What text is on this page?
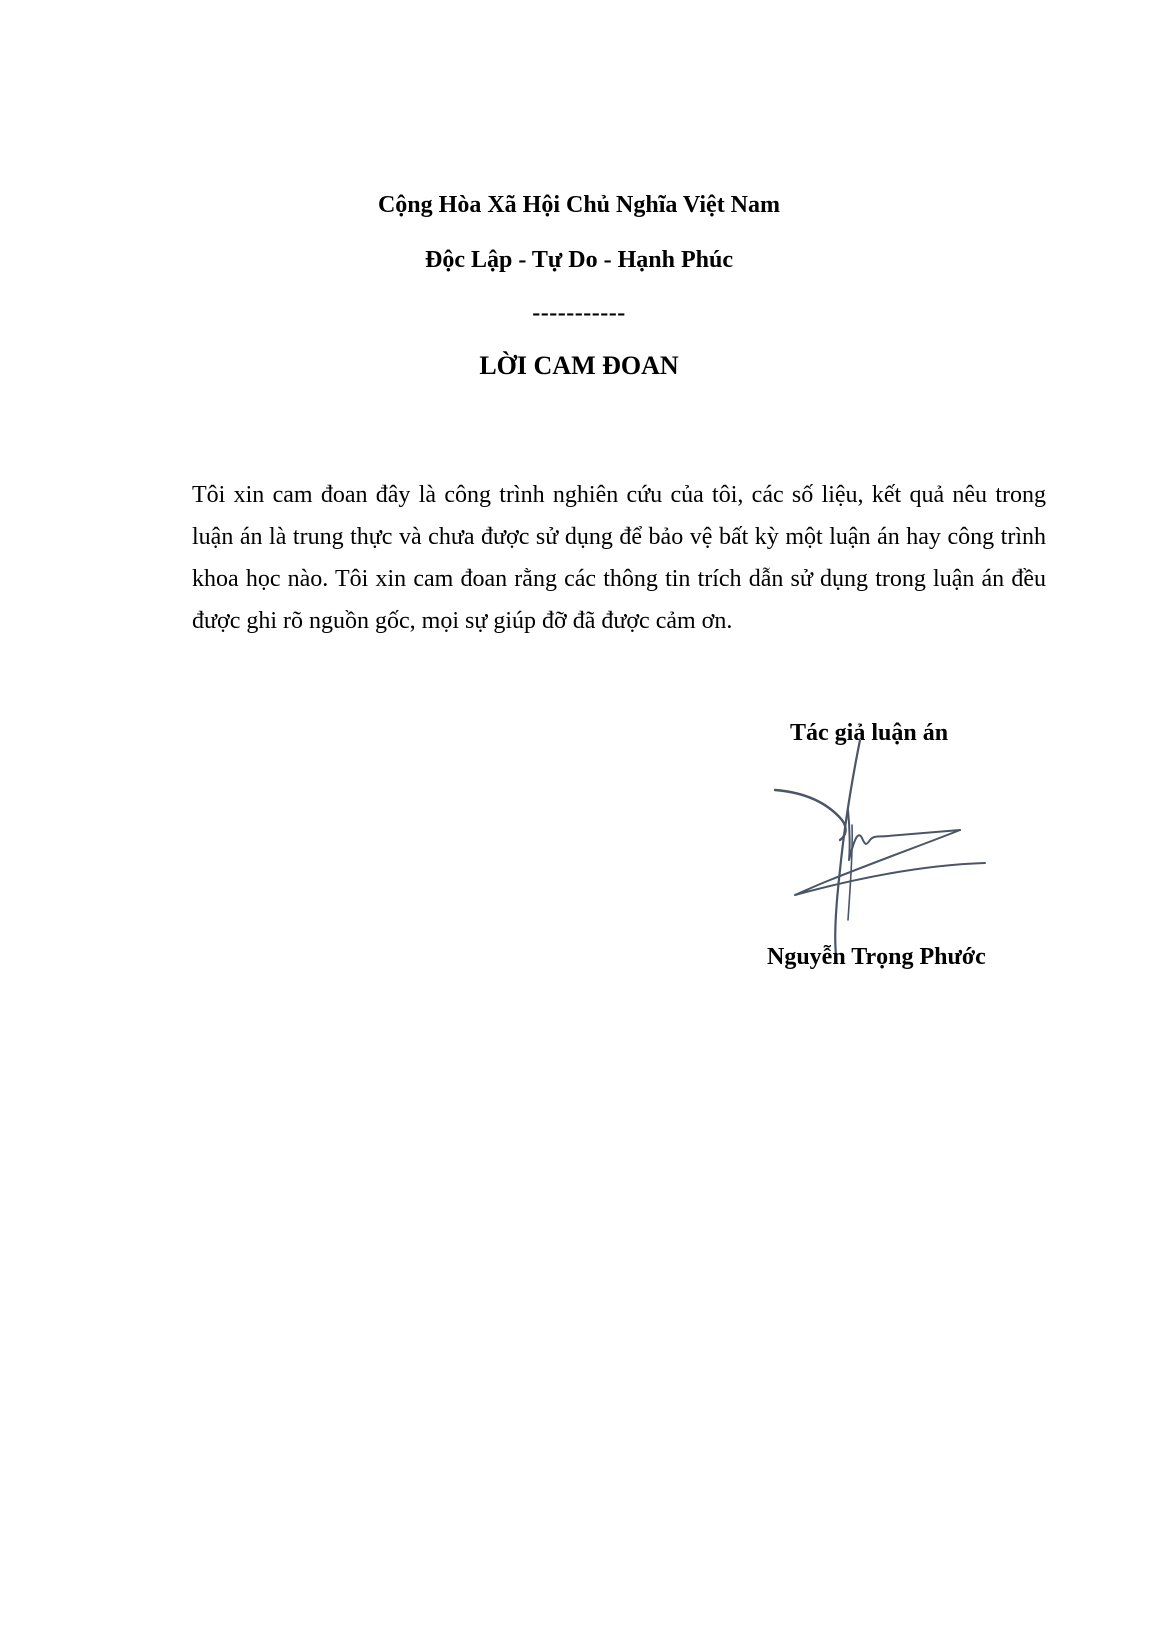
Cộng Hòa Xã Hội Chủ Nghĩa Việt Nam
Độc Lập - Tự Do - Hạnh Phúc
-----------
LỜI CAM ĐOAN

Tôi xin cam đoan đây là công trình nghiên cứu của tôi, các số liệu, kết quả nêu trong luận án là trung thực và chưa được sử dụng để bảo vệ bất kỳ một luận án hay công trình khoa học nào. Tôi xin cam đoan rằng các thông tin trích dẫn sử dụng trong luận án đều được ghi rõ nguồn gốc, mọi sự giúp đỡ đã được cảm ơn.

Tác giả luận án
Nguyễn Trọng Phước
